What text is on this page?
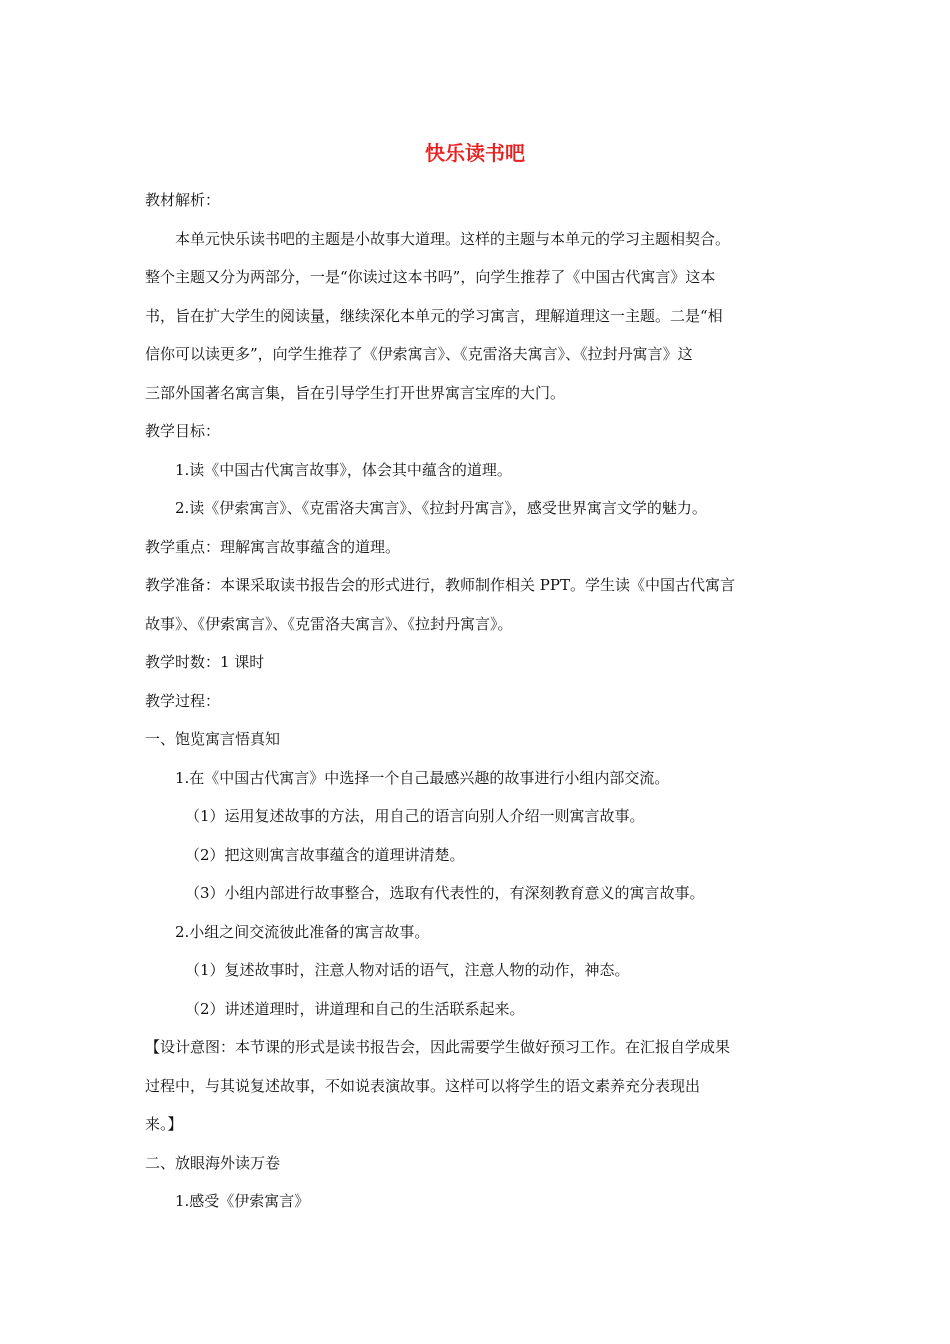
快乐读书吧
教材解析：
本单元快乐读书吧的主题是小故事大道理。这样的主题与本单元的学习主题相契合。
整个主题又分为两部分，一是“你读过这本书吗”，向学生推荐了《中国古代寓言》这本
书，旨在扩大学生的阅读量，继续深化本单元的学习寓言，理解道理这一主题。二是“相
信你可以读更多”，向学生推荐了《伊索寓言》、《克雷洛夫寓言》、《拉封丹寓言》这
三部外国著名寓言集，旨在引导学生打开世界寓言宝库的大门。
教学目标：
1.读《中国古代寓言故事》，体会其中蕴含的道理。
2.读《伊索寓言》、《克雷洛夫寓言》、《拉封丹寓言》，感受世界寓言文学的魅力。
教学重点：理解寓言故事蕴含的道理。
教学准备：本课采取读书报告会的形式进行，教师制作相关 PPT。学生读《中国古代寓言
故事》、《伊索寓言》、《克雷洛夫寓言》、《拉封丹寓言》。
教学时数：1 课时
教学过程：
一、饱览寓言悟真知
1.在《中国古代寓言》中选择一个自己最感兴趣的故事进行小组内部交流。
（1）运用复述故事的方法，用自己的语言向别人介绍一则寓言故事。
（2）把这则寓言故事蕴含的道理讲清楚。
（3）小组内部进行故事整合，选取有代表性的，有深刻教育意义的寓言故事。
2.小组之间交流彼此准备的寓言故事。
（1）复述故事时，注意人物对话的语气，注意人物的动作，神态。
（2）讲述道理时，讲道理和自己的生活联系起来。
【设计意图：本节课的形式是读书报告会，因此需要学生做好预习工作。在汇报自学成果
过程中，与其说复述故事，不如说表演故事。这样可以将学生的语文素养充分表现出
来。】
二、放眼海外读万卷
1.感受《伊索寓言》
